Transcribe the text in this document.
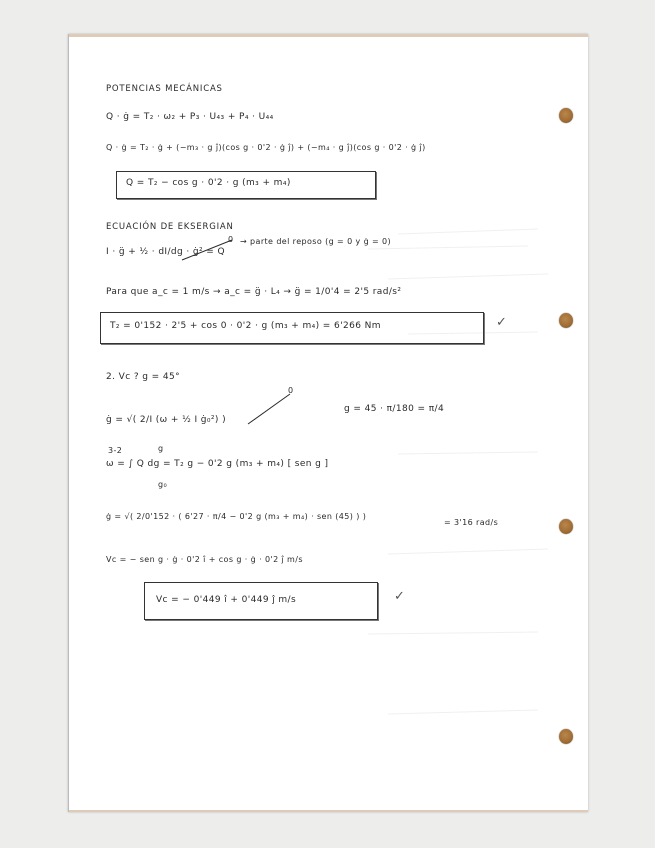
POTENCIAS MECÁNICAS
Q · ġ = T₂ · ω₂ + P₃ · U₄₃ + P₄ · U₄₄
Q · ġ = T₂ · ġ + (−m₃ · g ĵ)(cos g · 0'2 · ġ ĵ) + (−m₄ · g ĵ)(cos g · 0'2 · ġ ĵ)
Q = T₂ − cos g · 0'2 · g (m₃ + m₄)
ECUACIÓN DE EKSERGIAN
I · g̈ + ½ · dI/dg · ġ² = Q
0 → parte del reposo (g = 0 y ġ = 0)
Para que a_c = 1 m/s → a_c = g̈ · L₄ → g̈ = 1/0'4 = 2'5 rad/s²
T₂ = 0'152 · 2'5 + cos 0 · 0'2 · g (m₃ + m₄) = 6'266 Nm	✓
2. Vc ? g = 45°
0
ġ = √( 2/I (ω + ½ I ġ₀²) )
g = 45 · π/180 = π/4
3-2	g
ω = ∫ Q dg = T₂ g − 0'2 g (m₃ + m₄) [ sen g ]
g₀
ġ = √( 2/0'152 · ( 6'27 · π/4 − 0'2 g (m₃ + m₄) · sen (45) ) )
= 3'16 rad/s
Vc = − sen g · ġ · 0'2 î + cos g · ġ · 0'2 ĵ m/s
Vc = − 0'449 î + 0'449 ĵ m/s	✓
